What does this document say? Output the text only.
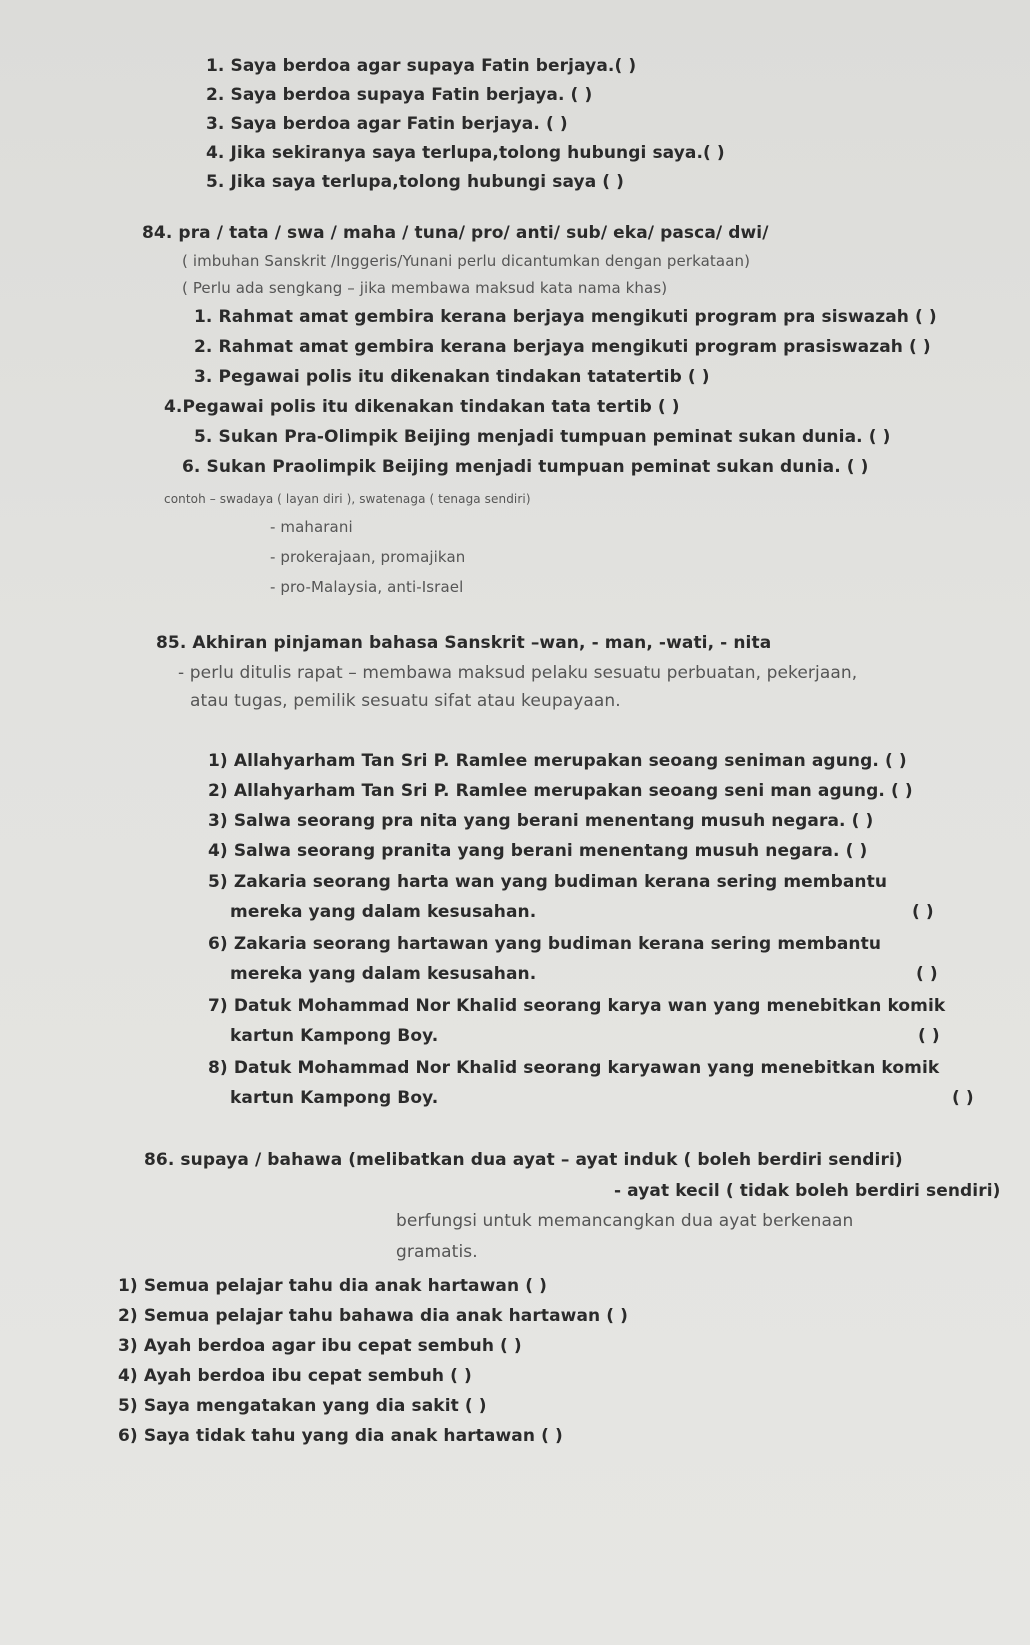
1. Saya berdoa agar supaya Fatin berjaya.( )
2. Saya berdoa supaya Fatin berjaya. ( )
3. Saya berdoa agar Fatin berjaya. ( )
4. Jika sekiranya saya terlupa,tolong hubungi saya.( )
5. Jika saya terlupa,tolong hubungi saya ( )
84. pra / tata / swa / maha / tuna/ pro/ anti/ sub/ eka/ pasca/ dwi/
( imbuhan Sanskrit /Inggeris/Yunani perlu dicantumkan dengan perkataan)
( Perlu ada sengkang – jika membawa maksud kata nama khas)
1. Rahmat amat gembira kerana berjaya mengikuti program pra siswazah ( )
2. Rahmat amat gembira kerana berjaya mengikuti program prasiswazah ( )
3. Pegawai polis itu dikenakan tindakan tatatertib ( )
4.Pegawai polis itu dikenakan tindakan tata tertib ( )
5. Sukan Pra-Olimpik Beijing menjadi tumpuan peminat sukan dunia. ( )
6. Sukan Praolimpik Beijing menjadi tumpuan peminat sukan dunia. ( )
contoh – swadaya ( layan diri ), swatenaga ( tenaga sendiri)
- maharani
- prokerajaan, promajikan
- pro-Malaysia, anti-Israel
85. Akhiran pinjaman bahasa Sanskrit –wan, - man, -wati, - nita
- perlu ditulis rapat – membawa maksud pelaku sesuatu perbuatan, pekerjaan,
atau tugas, pemilik sesuatu sifat atau keupayaan.
1) Allahyarham Tan Sri P. Ramlee merupakan seoang seniman agung. ( )
2) Allahyarham Tan Sri P. Ramlee merupakan seoang seni man agung. ( )
3) Salwa seorang pra nita yang berani menentang musuh negara. ( )
4) Salwa seorang pranita yang berani menentang musuh negara. ( )
5) Zakaria seorang harta wan yang budiman kerana sering membantu
mereka yang dalam kesusahan.	( )
6) Zakaria seorang hartawan yang budiman kerana sering membantu
mereka yang dalam kesusahan.	( )
7) Datuk Mohammad Nor Khalid seorang karya wan yang menebitkan komik
kartun Kampong Boy.	( )
8) Datuk Mohammad Nor Khalid seorang karyawan yang menebitkan komik
kartun Kampong Boy.	( )
86. supaya / bahawa (melibatkan dua ayat – ayat induk ( boleh berdiri sendiri)
- ayat kecil ( tidak boleh berdiri sendiri)
berfungsi untuk memancangkan dua ayat berkenaan
gramatis.
1) Semua pelajar tahu dia anak hartawan ( )
2) Semua pelajar tahu bahawa dia anak hartawan ( )
3) Ayah berdoa agar ibu cepat sembuh ( )
4) Ayah berdoa ibu cepat sembuh ( )
5) Saya mengatakan yang dia sakit ( )
6) Saya tidak tahu yang dia anak hartawan ( )
